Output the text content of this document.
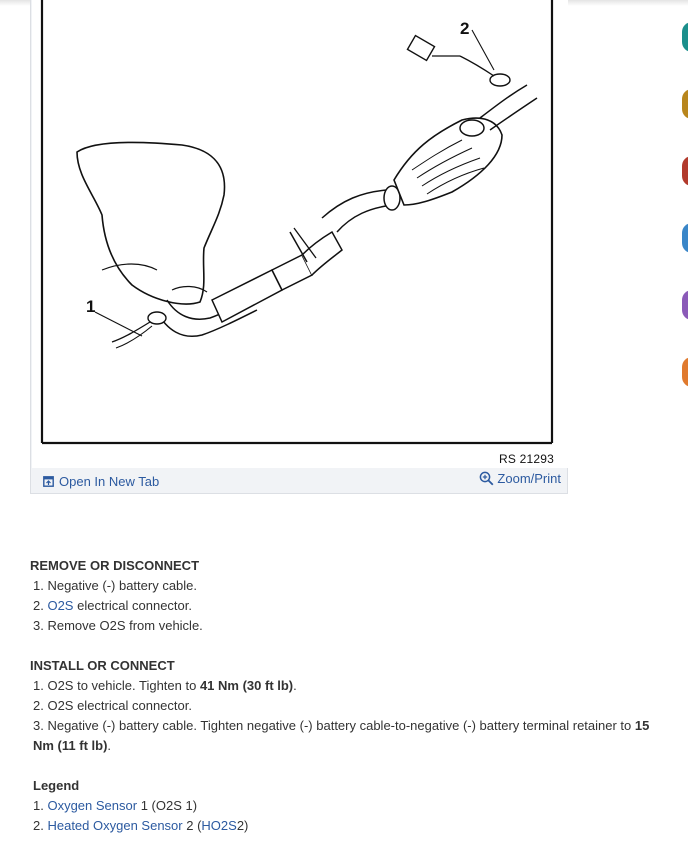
1
2
RS 21293
Open In New Tab	Zoom/Print
REMOVE OR DISCONNECT
1. Negative (-) battery cable.
2. O2S electrical connector.
3. Remove O2S from vehicle.
INSTALL OR CONNECT
1. O2S to vehicle. Tighten to 41 Nm (30 ft lb).
2. O2S electrical connector.
3. Negative (-) battery cable. Tighten negative (-) battery cable-to-negative (-) battery terminal retainer to 15 Nm (11 ft lb).
Legend
1. Oxygen Sensor 1 (O2S 1)
2. Heated Oxygen Sensor 2 (HO2S2)
